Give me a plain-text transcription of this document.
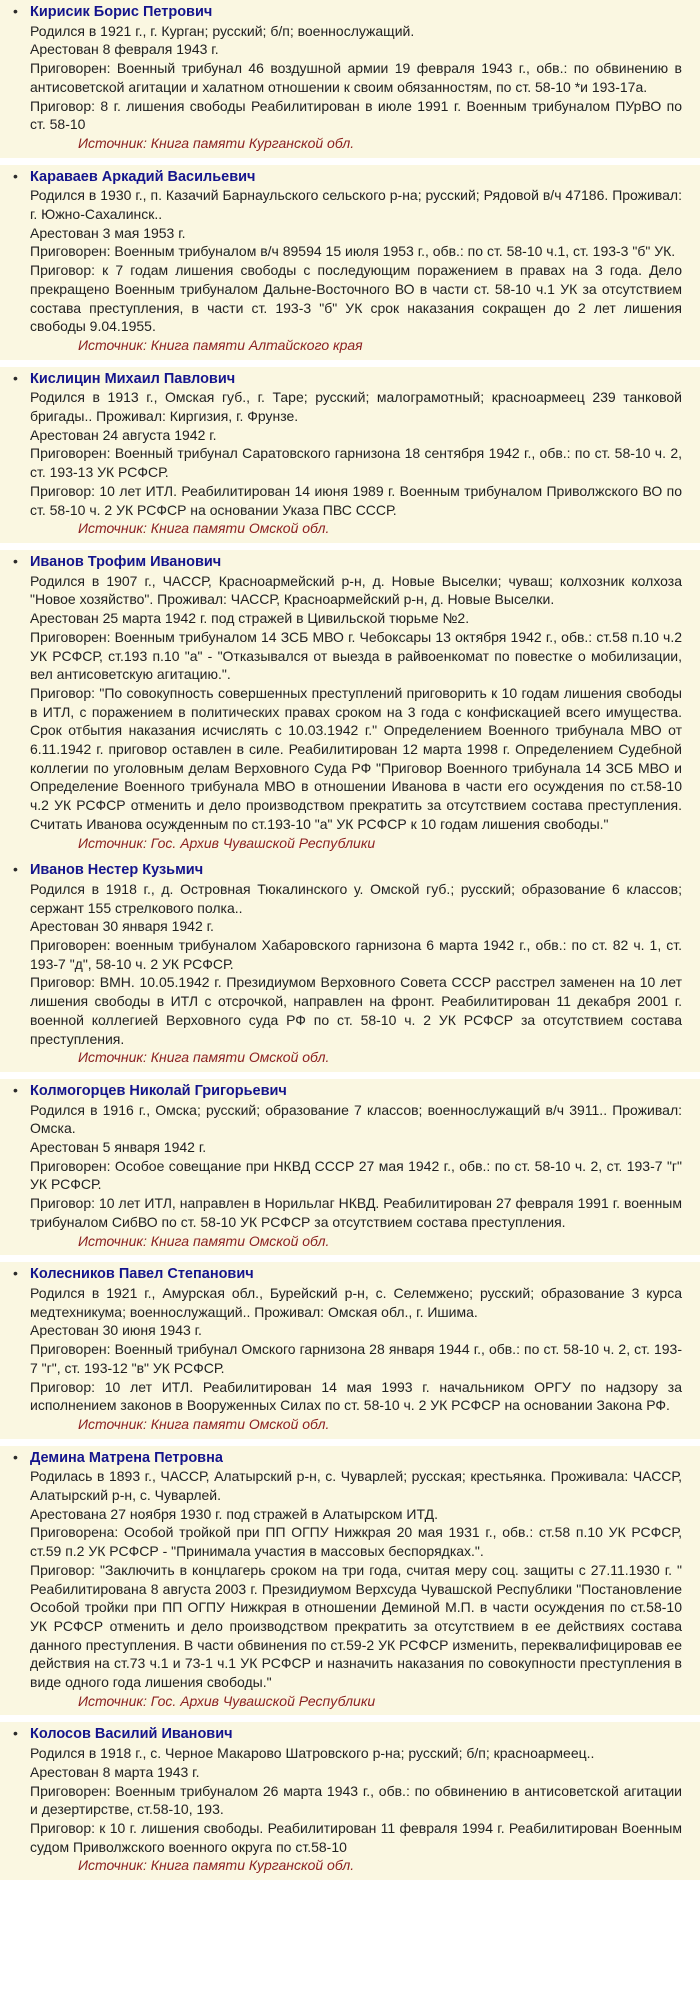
• Кирисик Борис Петрович

Родился в 1921 г., г. Курган; русский; б/п; военнослужащий.

Арестован 8 февраля 1943 г.

Приговорен: Военный трибунал 46 воздушной армии 19 февраля 1943 г., обв.: по обвинению в антисоветской агитации и халатном отношении к своим обязанностям, по ст. 58-10 *и 193-17а.

Приговор: 8 г. лишения свободы Реабилитирован в июле 1991 г. Военным трибуналом ПУрВО по ст. 58-10

Источник: Книга памяти Курганской обл.

• Караваев Аркадий Васильевич

Родился в 1930 г., п. Казачий Барнаульского сельского р-на; русский; Рядовой в/ч 47186. Проживал: г. Южно-Сахалинск..

Арестован 3 мая 1953 г.

Приговорен: Военным трибуналом в/ч 89594 15 июля 1953 г., обв.: по ст. 58-10 ч.1, ст. 193-3 "б" УК.

Приговор: к 7 годам лишения свободы с последующим поражением в правах на 3 года. Дело прекращено Военным трибуналом Дальне-Восточного ВО в части ст. 58-10 ч.1 УК за отсутствием состава преступления, в части ст. 193-3 "б" УК срок наказания сокращен до 2 лет лишения свободы 9.04.1955.

Источник: Книга памяти Алтайского края

• Кислицин Михаил Павлович

Родился в 1913 г., Омская губ., г. Таре; русский; малограмотный; красноармеец 239 танковой бригады.. Проживал: Киргизия, г. Фрунзе.

Арестован 24 августа 1942 г.

Приговорен: Военный трибунал Саратовского гарнизона 18 сентября 1942 г., обв.: по ст. 58-10 ч. 2, ст. 193-13 УК РСФСР.

Приговор: 10 лет ИТЛ. Реабилитирован 14 июня 1989 г. Военным трибуналом Приволжского ВО по ст. 58-10 ч. 2 УК РСФСР на основании Указа ПВС СССР.

Источник: Книга памяти Омской обл.

• Иванов Трофим Иванович

Родился в 1907 г., ЧАССР, Красноармейский р-н, д. Новые Выселки; чуваш; колхозник колхоза "Новое хозяйство". Проживал: ЧАССР, Красноармейский р-н, д. Новые Выселки.

Арестован 25 марта 1942 г. под стражей в Цивильской тюрьме №2.

Приговорен: Военным трибуналом 14 ЗСБ МВО г. Чебоксары 13 октября 1942 г., обв.: ст.58 п.10 ч.2 УК РСФСР, ст.193 п.10 "а" - "Отказывался от выезда в райвоенкомат по повестке о мобилизации, вел антисоветскую агитацию.".

Приговор: "По совокупность совершенных преступлений приговорить к 10 годам лишения свободы в ИТЛ, с поражением в политических правах сроком на 3 года с конфискацией всего имущества. Срок отбытия наказания исчислять с 10.03.1942 г." Определением Военного трибунала МВО от 6.11.1942 г. приговор оставлен в силе. Реабилитирован 12 марта 1998 г. Определением Судебной коллегии по уголовным делам Верховного Суда РФ "Приговор Военного трибунала 14 ЗСБ МВО и Определение Военного трибунала МВО в отношении Иванова в части его осуждения по ст.58-10 ч.2 УК РСФСР отменить и дело производством прекратить за отсутствием состава преступления. Считать Иванова осужденным по ст.193-10 "а" УК РСФСР к 10 годам лишения свободы."

Источник: Гос. Архив Чувашской Республики

• Иванов Нестер Кузьмич

Родился в 1918 г., д. Островная Тюкалинского у. Омской губ.; русский; образование 6 классов; сержант 155 стрелкового полка..

Арестован 30 января 1942 г.

Приговорен: военным трибуналом Хабаровского гарнизона 6 марта 1942 г., обв.: по ст. 82 ч. 1, ст. 193-7 "д", 58-10 ч. 2 УК РСФСР.

Приговор: ВМН. 10.05.1942 г. Президиумом Верховного Совета СССР расстрел заменен на 10 лет лишения свободы в ИТЛ с отсрочкой, направлен на фронт. Реабилитирован 11 декабря 2001 г. военной коллегией Верховного суда РФ по ст. 58-10 ч. 2 УК РСФСР за отсутствием состава преступления.

Источник: Книга памяти Омской обл.

• Колмогорцев Николай Григорьевич

Родился в 1916 г., Омска; русский; образование 7 классов; военнослужащий в/ч 3911.. Проживал: Омска.

Арестован 5 января 1942 г.

Приговорен: Особое совещание при НКВД СССР 27 мая 1942 г., обв.: по ст. 58-10 ч. 2, ст. 193-7 "г" УК РСФСР.

Приговор: 10 лет ИТЛ, направлен в Норильлаг НКВД. Реабилитирован 27 февраля 1991 г. военным трибуналом СибВО по ст. 58-10 УК РСФСР за отсутствием состава преступления.

Источник: Книга памяти Омской обл.

• Колесников Павел Степанович

Родился в 1921 г., Амурская обл., Бурейский р-н, с. Селемжено; русский; образование 3 курса медтехникума; военнослужащий.. Проживал: Омская обл., г. Ишима.

Арестован 30 июня 1943 г.

Приговорен: Военный трибунал Омского гарнизона 28 января 1944 г., обв.: по ст. 58-10 ч. 2, ст. 193-7 "г", ст. 193-12 "в" УК РСФСР.

Приговор: 10 лет ИТЛ. Реабилитирован 14 мая 1993 г. начальником ОРГУ по надзору за исполнением законов в Вооруженных Силах по ст. 58-10 ч. 2 УК РСФСР на основании Закона РФ.

Источник: Книга памяти Омской обл.

• Демина Матрена Петровна

Родилась в 1893 г., ЧАССР, Алатырский р-н, с. Чуварлей; русская; крестьянка. Проживала: ЧАССР, Алатырский р-н, с. Чуварлей.

Арестована 27 ноября 1930 г. под стражей в Алатырском ИТД.

Приговорена: Особой тройкой при ПП ОГПУ Нижкрая 20 мая 1931 г., обв.: ст.58 п.10 УК РСФСР, ст.59 п.2 УК РСФСР - "Принимала участия в массовых беспорядках.".

Приговор: "Заключить в концлагерь сроком на три года, считая меру соц. защиты с 27.11.1930 г. " Реабилитирована 8 августа 2003 г. Президиумом Верхсуда Чувашской Республики "Постановление Особой тройки при ПП ОГПУ Нижкрая в отношении Деминой М.П. в части осуждения по ст.58-10 УК РСФСР отменить и дело производством прекратить за отсутствием в ее действиях состава данного преступления. В части обвинения по ст.59-2 УК РСФСР изменить, переквалифицировав ее действия на ст.73 ч.1 и 73-1 ч.1 УК РСФСР и назначить наказания по совокупности преступления в виде одного года лишения свободы."

Источник: Гос. Архив Чувашской Республики

• Колосов Василий Иванович

Родился в 1918 г., с. Черное Макарово Шатровского р-на; русский; б/п; красноармеец..

Арестован 8 марта 1943 г.

Приговорен: Военным трибуналом 26 марта 1943 г., обв.: по обвинению в антисоветской агитации и дезертирстве, ст.58-10, 193.

Приговор: к 10 г. лишения свободы. Реабилитирован 11 февраля 1994 г. Реабилитирован Военным судом Приволжского военного округа по ст.58-10

Источник: Книга памяти Курганской обл.
